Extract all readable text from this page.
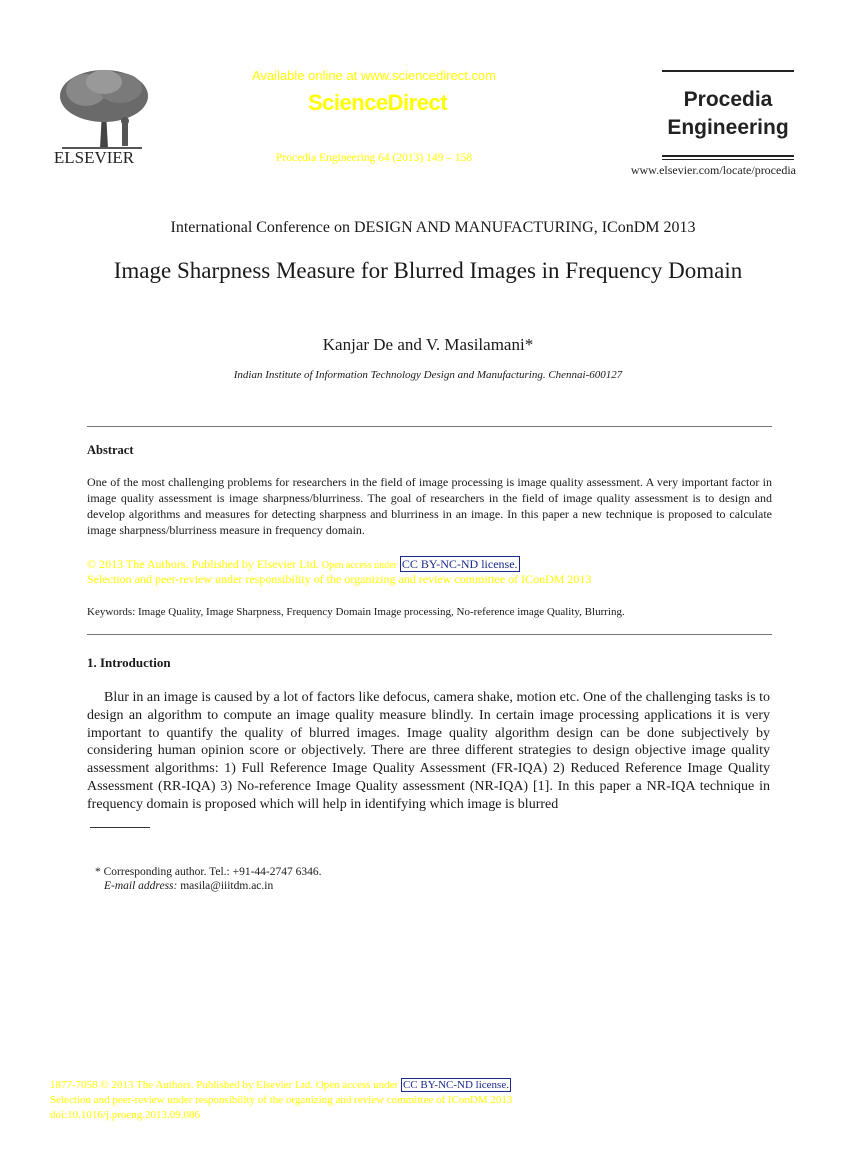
ELSEVIER
Available online at www.sciencedirect.com
ScienceDirect
Procedia Engineering 64 (2013) 149 – 158
Procedia Engineering
www.elsevier.com/locate/procedia
International Conference on DESIGN AND MANUFACTURING, IConDM 2013
Image Sharpness Measure for Blurred Images in Frequency Domain
Kanjar De and V. Masilamani*
Indian Institute of Information Technology Design and Manufacturing. Chennai-600127
Abstract
One of the most challenging problems for researchers in the field of image processing is image quality assessment. A very important factor in image quality assessment is image sharpness/blurriness. The goal of researchers in the field of image quality assessment is to design and develop algorithms and measures for detecting sharpness and blurriness in an image. In this paper a new technique is proposed to calculate image sharpness/blurriness measure in frequency domain.
© 2013 The Authors. Published by Elsevier Ltd. Open access under CC BY-NC-ND license.
Selection and peer-review under responsibility of the organizing and review committee of IConDM 2013
Keywords: Image Quality, Image Sharpness, Frequency Domain Image processing, No-reference image Quality, Blurring.
1. Introduction
Blur in an image is caused by a lot of factors like defocus, camera shake, motion etc. One of the challenging tasks is to design an algorithm to compute an image quality measure blindly. In certain image processing applications it is very important to quantify the quality of blurred images. Image quality algorithm design can be done subjectively by considering human opinion score or objectively. There are three different strategies to design objective image quality assessment algorithms: 1) Full Reference Image Quality Assessment (FR-IQA) 2) Reduced Reference Image Quality Assessment (RR-IQA) 3) No-reference Image Quality assessment (NR-IQA) [1]. In this paper a NR-IQA technique in frequency domain is proposed which will help in identifying which image is blurred
* Corresponding author. Tel.: +91-44-2747 6346.
E-mail address: masila@iiitdm.ac.in
1877-7058 © 2013 The Authors. Published by Elsevier Ltd. Open access under CC BY-NC-ND license.
Selection and peer-review under responsibility of the organizing and review committee of IConDM 2013
doi:10.1016/j.proeng.2013.09.086
